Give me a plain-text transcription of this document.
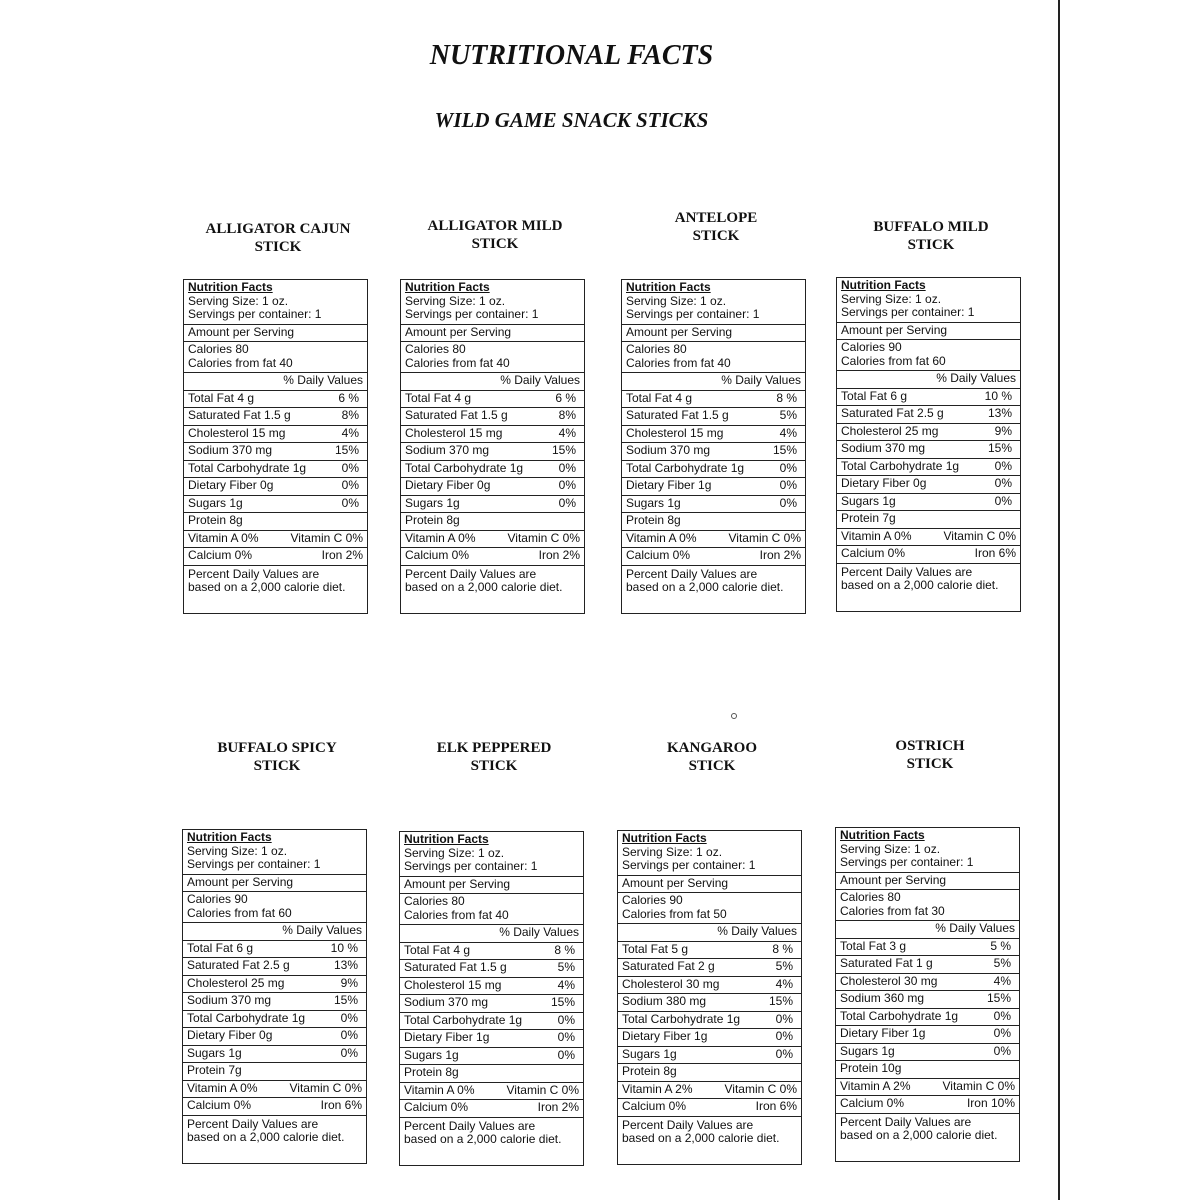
NUTRITIONAL FACTS
WILD GAME SNACK STICKS
ALLIGATOR CAJUN
STICK
Nutrition Facts
Serving Size: 1 oz.
Servings per container: 1
Amount per Serving
Calories 80
Calories from fat 40
% Daily Values
Total Fat 4 g	6 %
Saturated Fat 1.5 g	8%
Cholesterol 15 mg	4%
Sodium 370 mg	15%
Total Carbohydrate 1g	0%
Dietary Fiber 0g	0%
Sugars 1g	0%
Protein 8g
Vitamin A 0%	Vitamin C 0%
Calcium 0%	Iron 2%
Percent Daily Values are
based on a 2,000 calorie diet.
ALLIGATOR MILD
STICK
Nutrition Facts
Serving Size: 1 oz.
Servings per container: 1
Amount per Serving
Calories 80
Calories from fat 40
% Daily Values
Total Fat 4 g	6 %
Saturated Fat 1.5 g	8%
Cholesterol 15 mg	4%
Sodium 370 mg	15%
Total Carbohydrate 1g	0%
Dietary Fiber 0g	0%
Sugars 1g	0%
Protein 8g
Vitamin A 0%	Vitamin C 0%
Calcium 0%	Iron 2%
Percent Daily Values are
based on a 2,000 calorie diet.
ANTELOPE
STICK
Nutrition Facts
Serving Size: 1 oz.
Servings per container: 1
Amount per Serving
Calories 80
Calories from fat 40
% Daily Values
Total Fat 4 g	8 %
Saturated Fat 1.5 g	5%
Cholesterol 15 mg	4%
Sodium 370 mg	15%
Total Carbohydrate 1g	0%
Dietary Fiber 1g	0%
Sugars 1g	0%
Protein 8g
Vitamin A 0%	Vitamin C 0%
Calcium 0%	Iron 2%
Percent Daily Values are
based on a 2,000 calorie diet.
BUFFALO MILD
STICK
Nutrition Facts
Serving Size: 1 oz.
Servings per container: 1
Amount per Serving
Calories 90
Calories from fat 60
% Daily Values
Total Fat 6 g	10 %
Saturated Fat 2.5 g	13%
Cholesterol 25 mg	9%
Sodium 370 mg	15%
Total Carbohydrate 1g	0%
Dietary Fiber 0g	0%
Sugars 1g	0%
Protein 7g
Vitamin A 0%	Vitamin C 0%
Calcium 0%	Iron 6%
Percent Daily Values are
based on a 2,000 calorie diet.
BUFFALO SPICY
STICK
Nutrition Facts
Serving Size: 1 oz.
Servings per container: 1
Amount per Serving
Calories 90
Calories from fat 60
% Daily Values
Total Fat 6 g	10 %
Saturated Fat 2.5 g	13%
Cholesterol 25 mg	9%
Sodium 370 mg	15%
Total Carbohydrate 1g	0%
Dietary Fiber 0g	0%
Sugars 1g	0%
Protein 7g
Vitamin A 0%	Vitamin C 0%
Calcium 0%	Iron 6%
Percent Daily Values are
based on a 2,000 calorie diet.
ELK PEPPERED
STICK
Nutrition Facts
Serving Size: 1 oz.
Servings per container: 1
Amount per Serving
Calories 80
Calories from fat 40
% Daily Values
Total Fat 4 g	8 %
Saturated Fat 1.5 g	5%
Cholesterol 15 mg	4%
Sodium 370 mg	15%
Total Carbohydrate 1g	0%
Dietary Fiber 1g	0%
Sugars 1g	0%
Protein 8g
Vitamin A 0%	Vitamin C 0%
Calcium 0%	Iron 2%
Percent Daily Values are
based on a 2,000 calorie diet.
KANGAROO
STICK
Nutrition Facts
Serving Size: 1 oz.
Servings per container: 1
Amount per Serving
Calories 90
Calories from fat 50
% Daily Values
Total Fat 5 g	8 %
Saturated Fat 2 g	5%
Cholesterol 30 mg	4%
Sodium 380 mg	15%
Total Carbohydrate 1g	0%
Dietary Fiber 1g	0%
Sugars 1g	0%
Protein 8g
Vitamin A 2%	Vitamin C 0%
Calcium 0%	Iron 6%
Percent Daily Values are
based on a 2,000 calorie diet.
OSTRICH
STICK
Nutrition Facts
Serving Size: 1 oz.
Servings per container: 1
Amount per Serving
Calories 80
Calories from fat 30
% Daily Values
Total Fat 3 g	5 %
Saturated Fat 1 g	5%
Cholesterol 30 mg	4%
Sodium 360 mg	15%
Total Carbohydrate 1g	0%
Dietary Fiber 1g	0%
Sugars 1g	0%
Protein 10g
Vitamin A 2%	Vitamin C 0%
Calcium 0%	Iron 10%
Percent Daily Values are
based on a 2,000 calorie diet.
